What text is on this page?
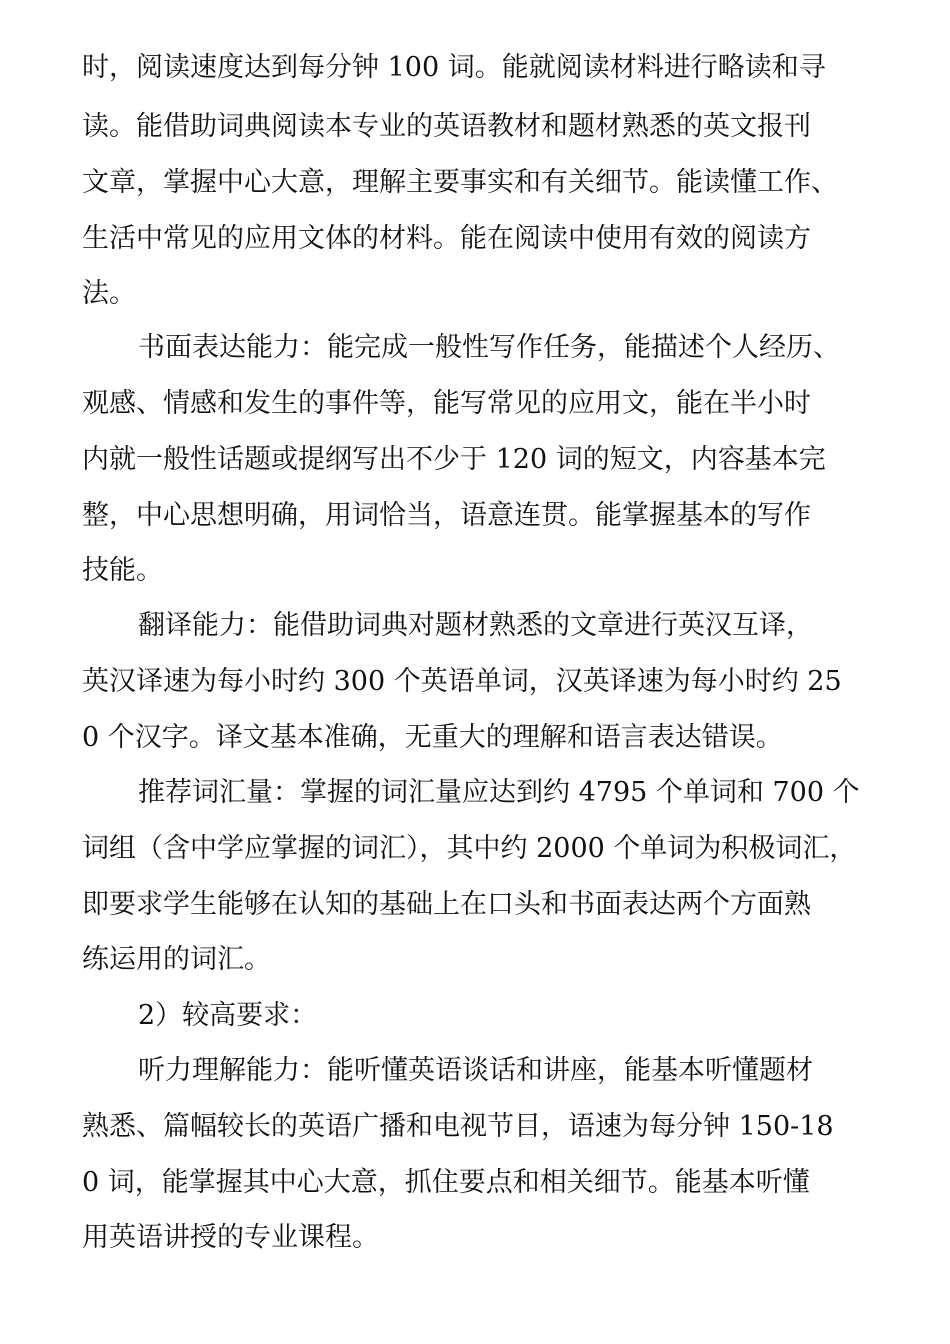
时，阅读速度达到每分钟 100 词。能就阅读材料进行略读和寻
读。能借助词典阅读本专业的英语教材和题材熟悉的英文报刊
文章，掌握中心大意，理解主要事实和有关细节。能读懂工作、
生活中常见的应用文体的材料。能在阅读中使用有效的阅读方
法。
书面表达能力：能完成一般性写作任务，能描述个人经历、
观感、情感和发生的事件等，能写常见的应用文，能在半小时
内就一般性话题或提纲写出不少于 120 词的短文，内容基本完
整，中心思想明确，用词恰当，语意连贯。能掌握基本的写作
技能。
翻译能力：能借助词典对题材熟悉的文章进行英汉互译，
英汉译速为每小时约 300 个英语单词，汉英译速为每小时约 25
0 个汉字。译文基本准确，无重大的理解和语言表达错误。
推荐词汇量：掌握的词汇量应达到约 4795 个单词和 700 个
词组（含中学应掌握的词汇），其中约 2000 个单词为积极词汇，
即要求学生能够在认知的基础上在口头和书面表达两个方面熟
练运用的词汇。
2）较高要求：
听力理解能力：能听懂英语谈话和讲座，能基本听懂题材
熟悉、篇幅较长的英语广播和电视节目，语速为每分钟 150-18
0 词，能掌握其中心大意，抓住要点和相关细节。能基本听懂
用英语讲授的专业课程。
